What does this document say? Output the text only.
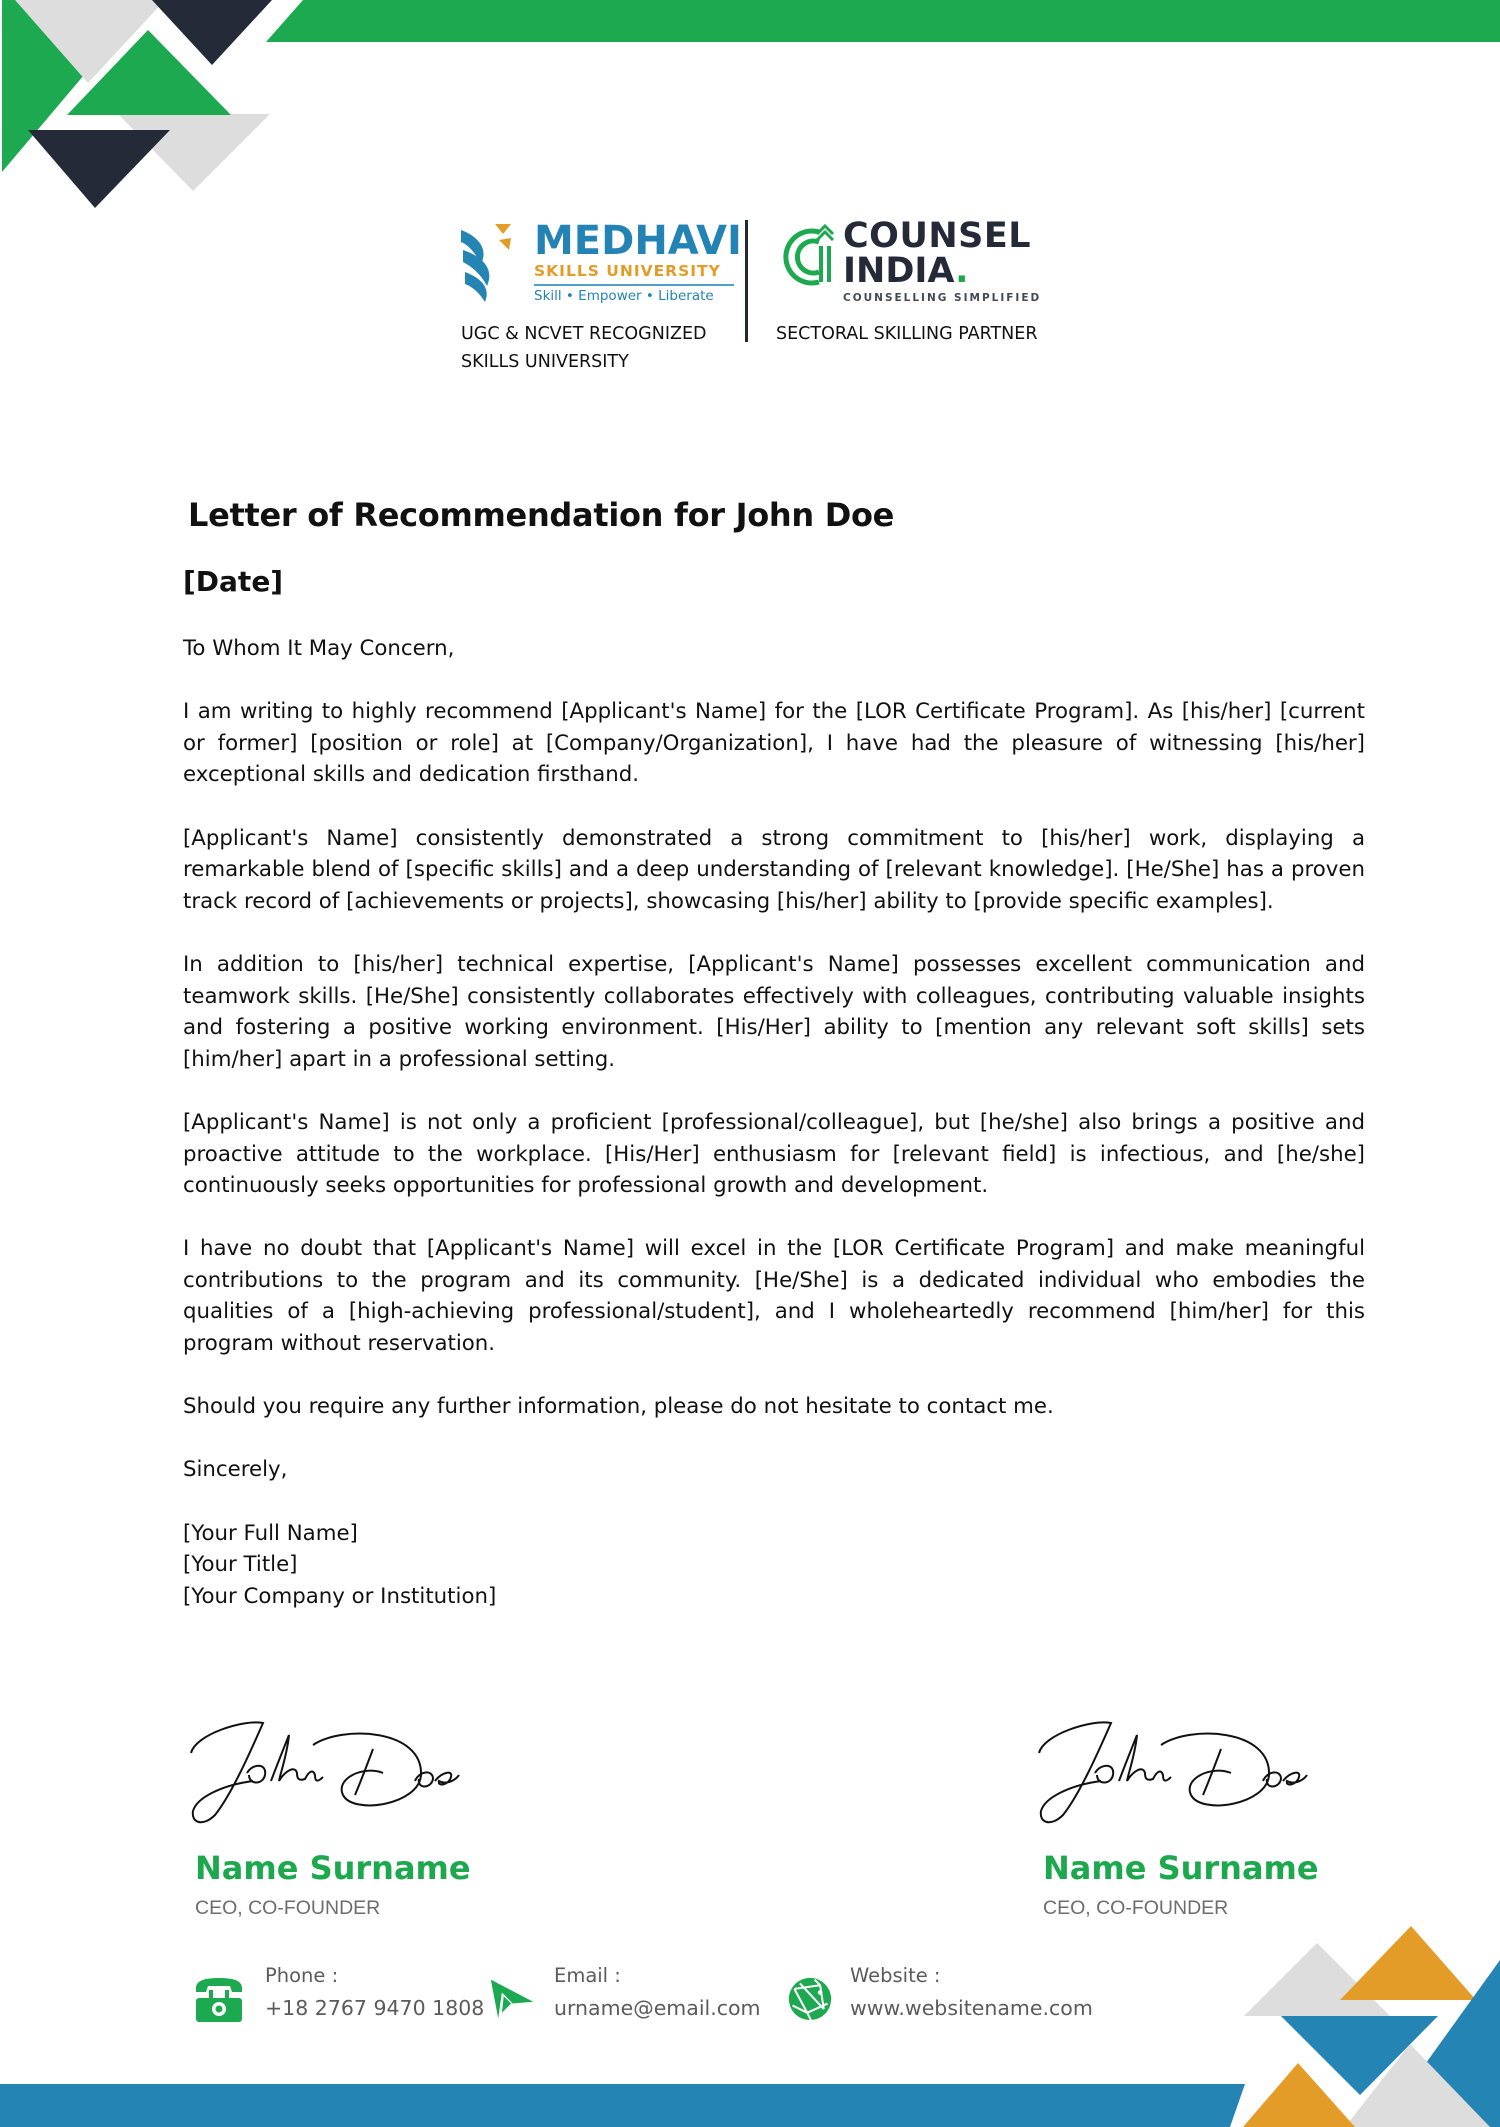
MEDHAVI
SKILLS UNIVERSITY
Skill • Empower • Liberate
UGC & NCVET RECOGNIZED
SKILLS UNIVERSITY
COUNSEL
INDIA.
COUNSELLING SIMPLIFIED
SECTORAL SKILLING PARTNER
Letter of Recommendation for John Doe
[Date]

To Whom It May Concern,

I am writing to highly recommend [Applicant's Name] for the [LOR Certificate Program]. As [his/her] [current or former] [position or role] at [Company/Organization], I have had the pleasure of witnessing [his/her] exceptional skills and dedication firsthand.

[Applicant's Name] consistently demonstrated a strong commitment to [his/her] work, displaying a remarkable blend of [specific skills] and a deep understanding of [relevant knowledge]. [He/She] has a proven track record of [achievements or projects], showcasing [his/her] ability to [provide specific examples].

In addition to [his/her] technical expertise, [Applicant's Name] possesses excellent communication and teamwork skills. [He/She] consistently collaborates effectively with colleagues, contributing valuable insights and fostering a positive working environment. [His/Her] ability to [mention any relevant soft skills] sets [him/her] apart in a professional setting.

[Applicant's Name] is not only a proficient [professional/colleague], but [he/she] also brings a positive and proactive attitude to the workplace. [His/Her] enthusiasm for [relevant field] is infectious, and [he/she] continuously seeks opportunities for professional growth and development.

I have no doubt that [Applicant's Name] will excel in the [LOR Certificate Program] and make meaningful contributions to the program and its community. [He/She] is a dedicated individual who embodies the qualities of a [high-achieving professional/student], and I wholeheartedly recommend [him/her] for this program without reservation.

Should you require any further information, please do not hesitate to contact me.

Sincerely,

[Your Full Name]
[Your Title]
[Your Company or Institution]
Name Surname
CEO, CO-FOUNDER
Name Surname
CEO, CO-FOUNDER
Phone :
+18 2767 9470 1808
Email :
urname@email.com
Website :
www.websitename.com
